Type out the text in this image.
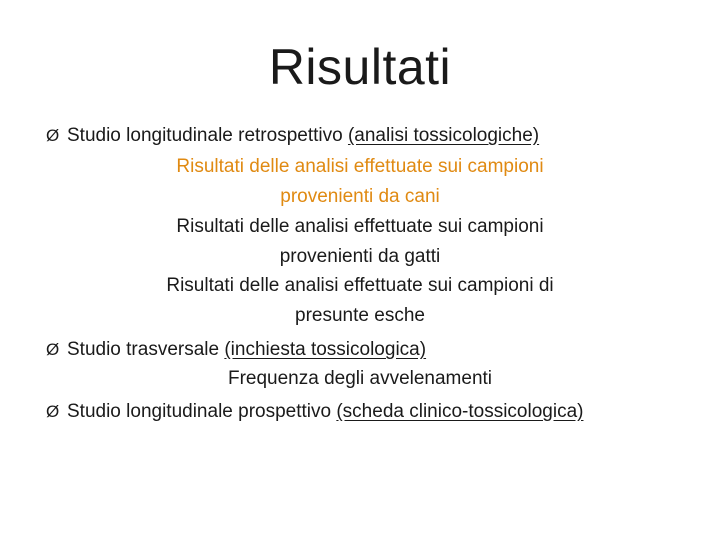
Risultati
Ø Studio longitudinale retrospettivo (analisi tossicologiche)
Risultati delle analisi effettuate sui campioni
provenienti da cani
Risultati delle analisi effettuate sui campioni
provenienti da gatti
Risultati delle analisi effettuate sui campioni di
presunte esche
Ø Studio trasversale (inchiesta tossicologica)
Frequenza degli avvelenamenti
Ø Studio longitudinale prospettivo (scheda clinico-tossicologica)
